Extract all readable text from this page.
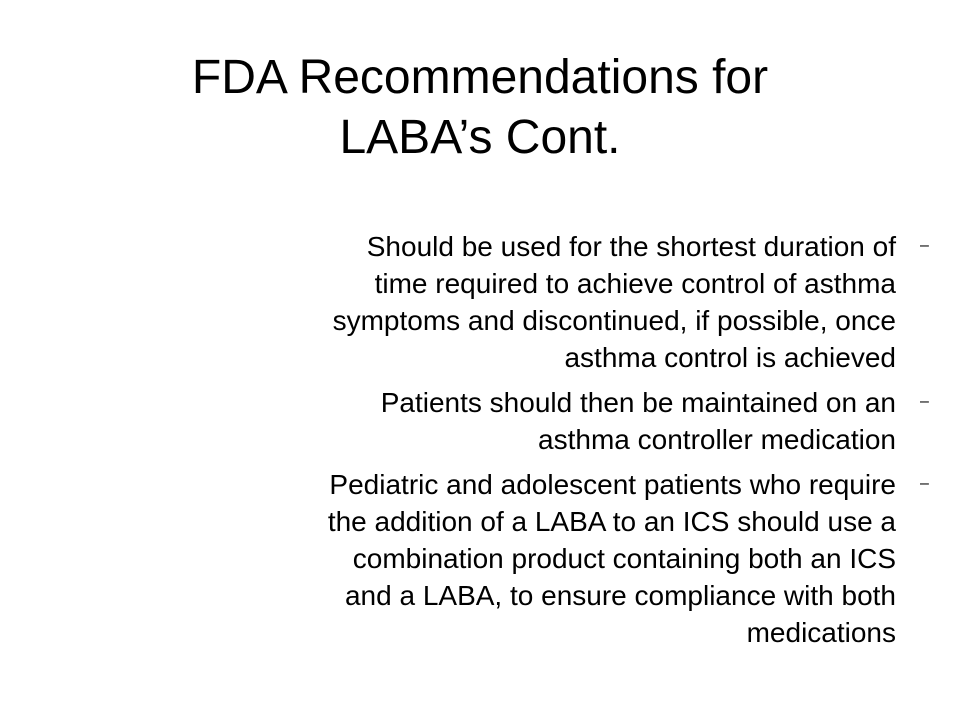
FDA Recommendations for
LABA’s Cont.
Should be used for the shortest duration of
time required to achieve control of asthma
symptoms and discontinued, if possible, once
asthma control is achieved
–
Patients should then be maintained on an
asthma controller medication
–
Pediatric and adolescent patients who require
the addition of a LABA to an ICS should use a
combination product containing both an ICS
and a LABA, to ensure compliance with both
medications
–
